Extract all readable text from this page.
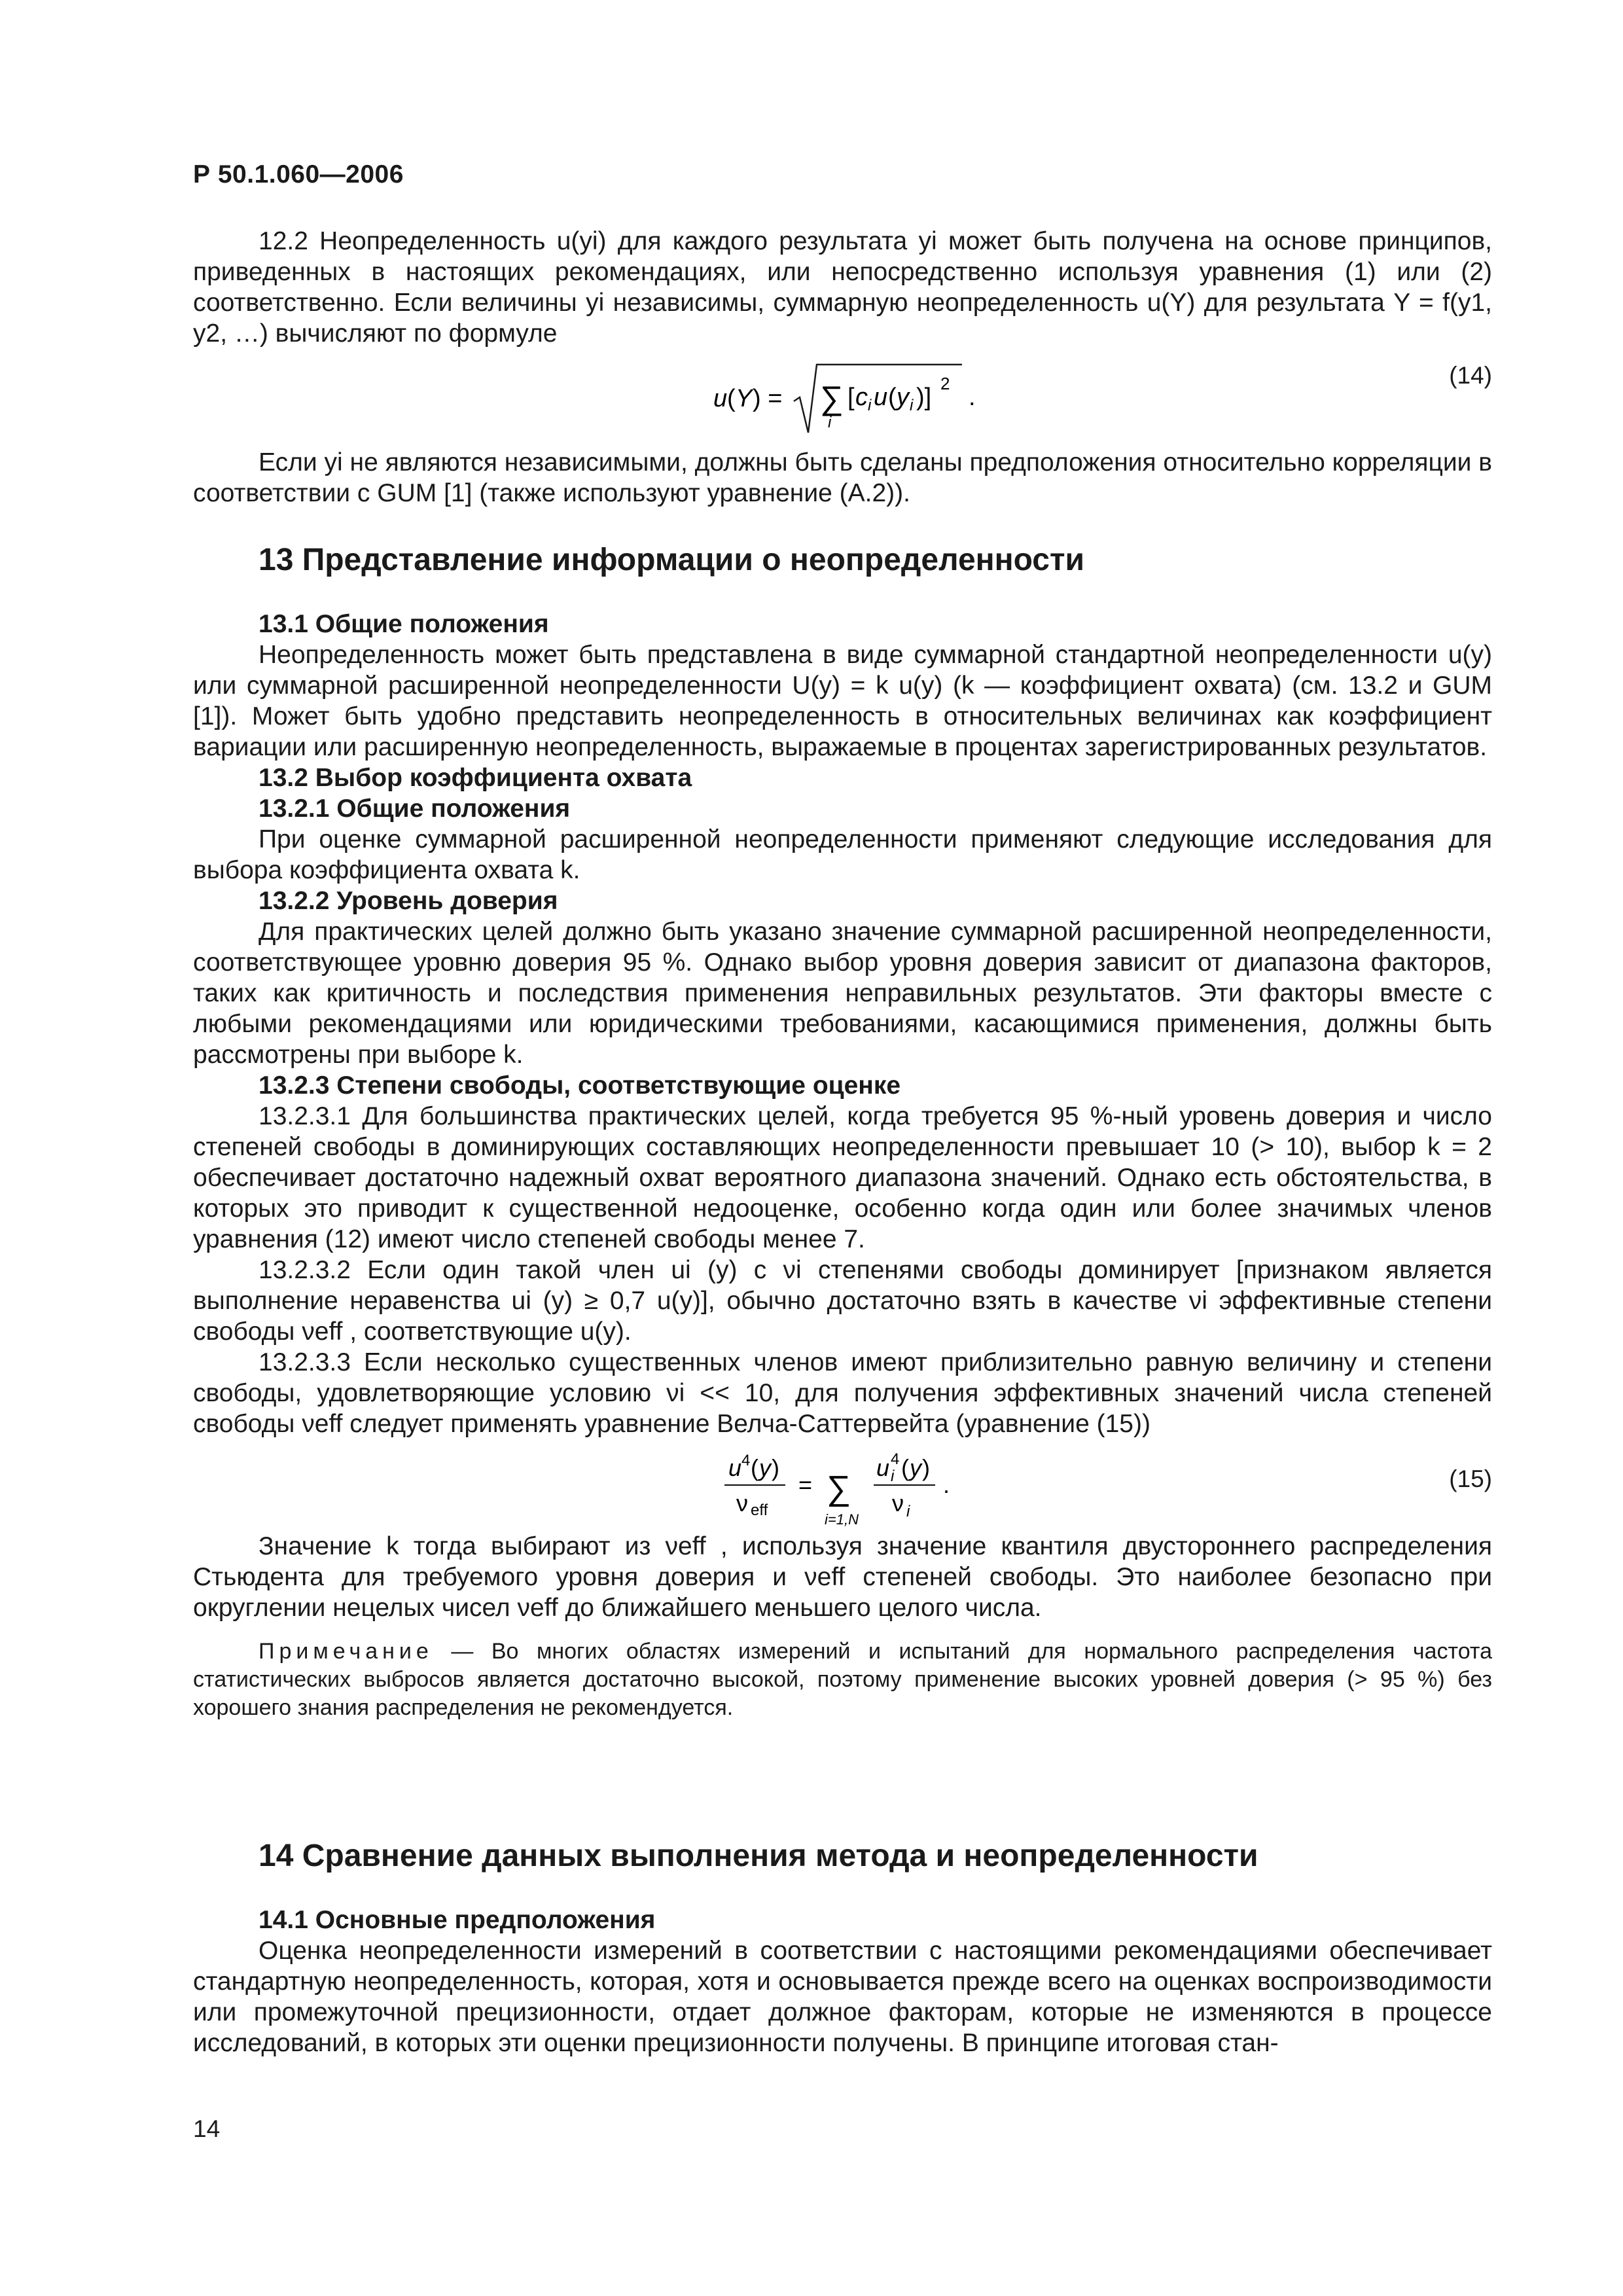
Р 50.1.060—2006

12.2 Неопределенность u(yi) для каждого результата yi может быть получена на основе принципов, приведенных в настоящих рекомендациях, или непосредственно используя уравнения (1) или (2) соответственно. Если величины yi независимы, суммарную неопределенность u(Y) для результата Y = f(y1, y2, …) вычисляют по формуле

u ( Y ) = ∑
i
[ c i u ( y i )] 2 .
(14)

Если yi не являются независимыми, должны быть сделаны предположения относительно корреляции в соответствии с GUM [1] (также используют уравнение (А.2)).

13 Представление информации о неопределенности
13.1 Общие положения

Неопределенность может быть представлена в виде суммарной стандартной неопределенности u(y) или суммарной расширенной неопределенности U(y) = k u(y) (k — коэффициент охвата) (см. 13.2 и GUM [1]). Может быть удобно представить неопределенность в относительных величинах как коэффициент вариации или расширенную неопределенность, выражаемые в процентах зарегистрированных результатов.

13.2 Выбор коэффициента охвата
13.2.1 Общие положения

При оценке суммарной расширенной неопределенности применяют следующие исследования для выбора коэффициента охвата k.

13.2.2 Уровень доверия

Для практических целей должно быть указано значение суммарной расширенной неопределенности, соответствующее уровню доверия 95 %. Однако выбор уровня доверия зависит от диапазона факторов, таких как критичность и последствия применения неправильных результатов. Эти факторы вместе с любыми рекомендациями или юридическими требованиями, касающимися применения, должны быть рассмотрены при выборе k.

13.2.3 Степени свободы, соответствующие оценке

13.2.3.1 Для большинства практических целей, когда требуется 95 %-ный уровень доверия и число степеней свободы в доминирующих составляющих неопределенности превышает 10 (> 10), выбор k = 2 обеспечивает достаточно надежный охват вероятного диапазона значений. Однако есть обстоятельства, в которых это приводит к существенной недооценке, особенно когда один или более значимых членов уравнения (12) имеют число степеней свободы менее 7.

13.2.3.2 Если один такой член ui (y) с νi степенями свободы доминирует [признаком является выполнение неравенства ui (y) ≥ 0,7 u(y)], обычно достаточно взять в качестве νi эффективные степени свободы νeff , соответствующие u(y).

13.2.3.3 Если несколько существенных членов имеют приблизительно равную величину и степени свободы, удовлетворяющие условию νi << 10, для получения эффективных значений числа степеней свободы νeff следует применять уравнение Велча-Саттервейта (уравнение (15))

u 4 ( y )
ν eff
= ∑
i=1,N
u 4
i ( y )
ν i
.	(15)

Значение k тогда выбирают из νeff , используя значение квантиля двустороннего распределения Стьюдента для требуемого уровня доверия и νeff степеней свободы. Это наиболее безопасно при округлении нецелых чисел νeff до ближайшего меньшего целого числа.

Примечание — Во многих областях измерений и испытаний для нормального распределения частота статистических выбросов является достаточно высокой, поэтому применение высоких уровней доверия (> 95 %) без хорошего знания распределения не рекомендуется.

14 Сравнение данных выполнения метода и неопределенности
14.1 Основные предположения

Оценка неопределенности измерений в соответствии с настоящими рекомендациями обеспечивает стандартную неопределенность, которая, хотя и основывается прежде всего на оценках воспроизводимости или промежуточной прецизионности, отдает должное факторам, которые не изменяются в процессе исследований, в которых эти оценки прецизионности получены. В принципе итоговая стан-

14
